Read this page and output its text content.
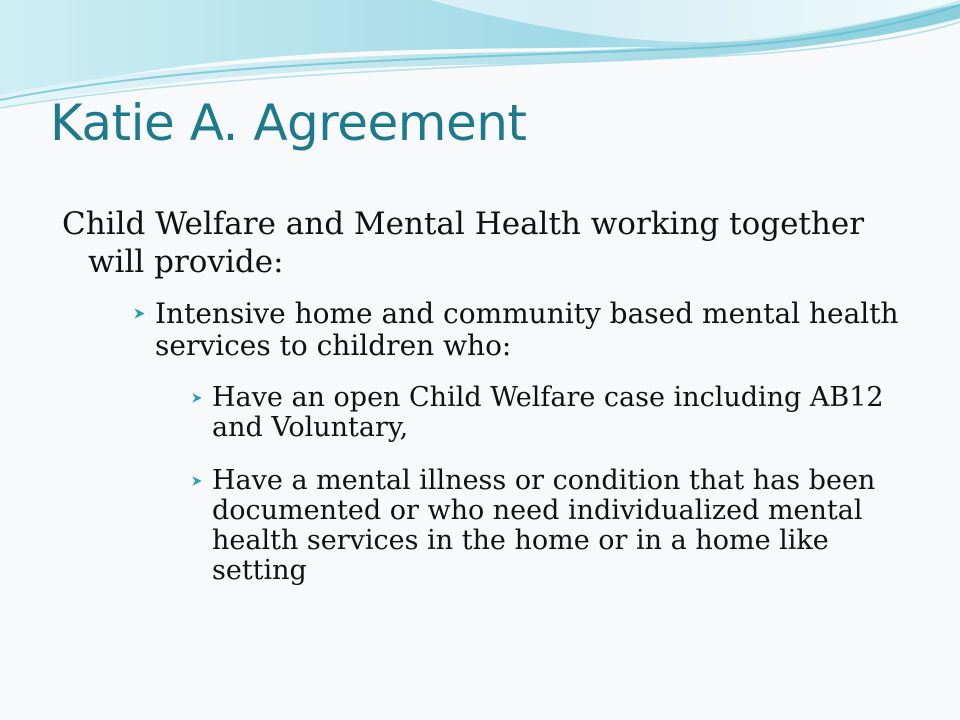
Katie A. Agreement
Child Welfare and Mental Health working together will provide:
Intensive home and community based mental health services to children who:
Have an open Child Welfare case including AB12 and Voluntary,
Have a mental illness or condition that has been documented or who need individualized mental health services in the home or in a home like setting
